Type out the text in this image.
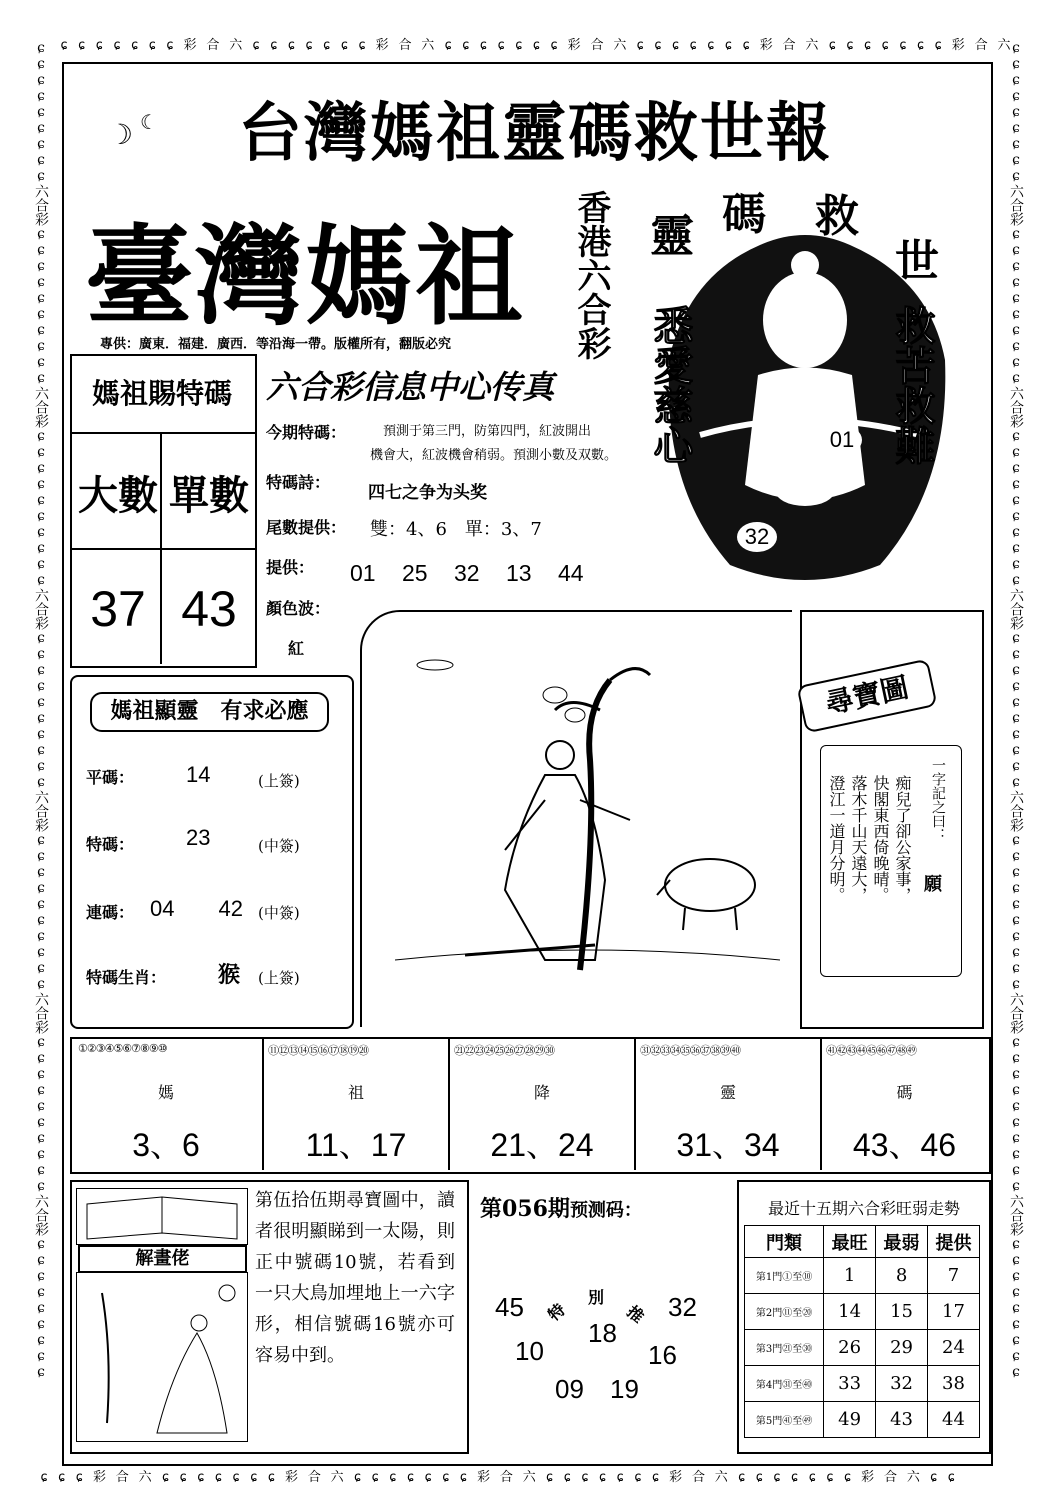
ɕ ɕ ɕ ɕ ɕ ɕ ɕ 彩 合 六 ɕ ɕ ɕ ɕ ɕ ɕ ɕ 彩 合 六 ɕ ɕ ɕ ɕ ɕ ɕ ɕ 彩 合 六 ɕ ɕ ɕ ɕ ɕ ɕ ɕ 彩 合 六 ɕ ɕ ɕ ɕ ɕ ɕ ɕ 彩 合 六
ɕ ɕ ɕ 彩 合 六 ɕ ɕ ɕ ɕ ɕ ɕ ɕ 彩 合 六 ɕ ɕ ɕ ɕ ɕ ɕ ɕ 彩 合 六 ɕ ɕ ɕ ɕ ɕ ɕ ɕ 彩 合 六 ɕ ɕ ɕ ɕ ɕ ɕ ɕ 彩 合 六 ɕ ɕ
ɕɕɕɕɕɕɕɕɕ六合彩ɕɕɕɕɕɕɕɕɕɕ六合彩ɕɕɕɕɕɕɕɕɕɕ六合彩ɕɕɕɕɕɕɕɕɕɕ六合彩ɕɕɕɕɕɕɕɕɕɕ六合彩ɕɕɕɕɕɕɕɕɕɕ六合彩ɕɕɕɕɕɕɕɕɕ	ɕɕɕɕɕɕɕɕɕ六合彩ɕɕɕɕɕɕɕɕɕɕ六合彩ɕɕɕɕɕɕɕɕɕɕ六合彩ɕɕɕɕɕɕɕɕɕɕ六合彩ɕɕɕɕɕɕɕɕɕɕ六合彩ɕɕɕɕɕɕɕɕɕɕ六合彩ɕɕɕɕɕɕɕɕɕ
台灣媽祖靈碼救世報
☽ ☾
臺灣媽祖 香港六合彩
專供：廣東．福建．廣西．等沿海一帶。版權所有，翻版必究
靈 碼 救
世
悉愛慈心	救苦救難
01
32
媽祖賜特碼
大數 單數
37 43
六合彩信息中心传真
今期特碼：	預測于第三門，防第四門，紅波開出
機會大，紅波機會稍弱。預測小數及双數。
特碼詩：
四七之争为头奖
尾數提供： 雙：4、6　單：3、7
提供： 01 25 32 13 44
顏色波：
紅
媽祖顯靈　有求必應
平碼： 14	(上簽)
特碼： 23	(中簽)
連碼： 04　　42 (中簽)
特碼生肖： 猴 (上簽)
尋寶圖
一字記之曰：
願
痴兒了卻公家事，
快閣東西倚晚晴。
落木千山天遠大，
澄江一道月分明。
①②③④⑤⑥⑦⑧⑨⑩	⑪⑫⑬⑭⑮⑯⑰⑱⑲⑳	㉑㉒㉓㉔㉕㉖㉗㉘㉙㉚	㉛㉜㉝㉞㉟㊱㊲㊳㊴㊵	㊶㊷㊸㊹㊺㊻㊼㊽㊾
媽	祖	降	靈	碼
3、6	11、17	21、24	31、34	43、46
解畫佬
第伍拾伍期尋寶圖中，讀者很明顯睇到一太陽，則正中號碼10號，若看到一只大鳥加埋地上一六字形，相信號碼16號亦可容易中到。
第056期预测码：
45	32
18
10	16
09 19
特
別
推
最近十五期六合彩旺弱走勢
門類	最旺	最弱	提供
第1門①至⑩	1	8	7
第2門⑪至⑳	14	15	17
第3門㉑至㉚	26	29	24
第4門㉛至㊵	33	32	38
第5門㊶至㊾	49	43	44
